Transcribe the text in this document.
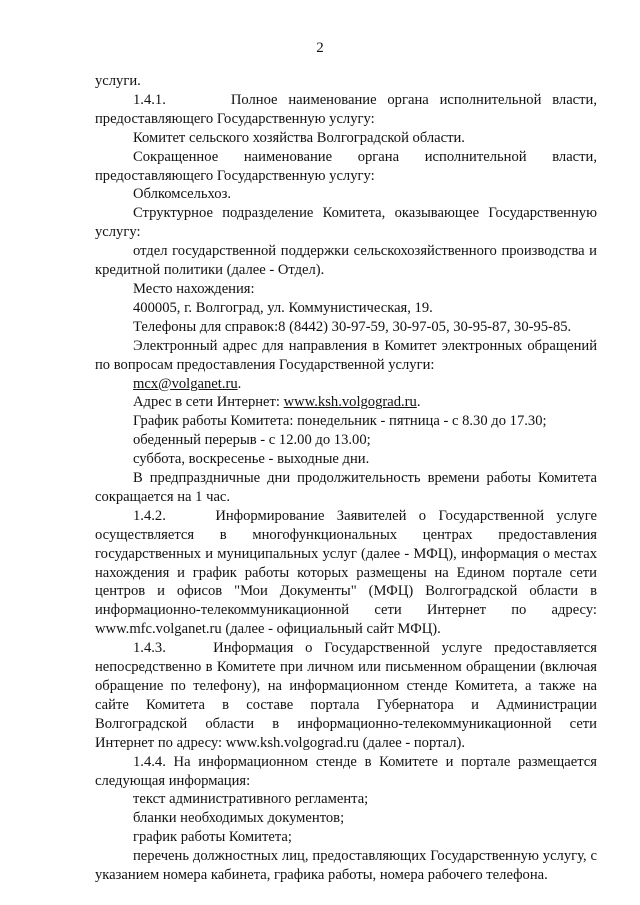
2

услуги.

1.4.1.      Полное наименование органа исполнительной власти, предоставляющего Государственную услугу:

Комитет сельского хозяйства Волгоградской области.

Сокращенное наименование органа исполнительной власти, предоставляющего Государственную услугу:

Облкомсельхоз.

Структурное подразделение Комитета, оказывающее Государственную услугу:

отдел государственной поддержки сельскохозяйственного производства и кредитной политики (далее - Отдел).

Место нахождения:

400005, г. Волгоград, ул. Коммунистическая, 19.

Телефоны для справок:8 (8442) 30-97-59, 30-97-05, 30-95-87, 30-95-85.

Электронный адрес для направления в Комитет электронных обращений по вопросам предоставления Государственной услуги:

mcx@volganet.ru.

Адрес в сети Интернет: www.ksh.volgograd.ru.

График работы Комитета: понедельник - пятница - с 8.30 до 17.30;

обеденный перерыв - с 12.00 до 13.00;

суббота, воскресенье - выходные дни.

В предпраздничные дни продолжительность времени работы Комитета сокращается на 1 час.

1.4.2.    Информирование Заявителей о Государственной услуге осуществляется в многофункциональных центрах предоставления государственных и муниципальных услуг (далее - МФЦ), информация о местах нахождения и график работы которых размещены на Едином портале сети центров и офисов "Мои Документы" (МФЦ) Волгоградской области в информационно-телекоммуникационной сети Интернет по адресу: www.mfc.volganet.ru (далее - официальный сайт МФЦ).

1.4.3.    Информация о Государственной услуге предоставляется непосредственно в Комитете при личном или письменном обращении (включая обращение по телефону), на информационном стенде Комитета, а также на сайте Комитета в составе портала Губернатора и Администрации Волгоградской области в информационно-телекоммуникационной сети Интернет по адресу: www.ksh.volgograd.ru (далее - портал).

1.4.4. На информационном стенде в Комитете и портале размещается следующая информация:

текст административного регламента;

бланки необходимых документов;

график работы Комитета;

перечень должностных лиц, предоставляющих Государственную услугу, с указанием номера кабинета, графика работы, номера рабочего телефона.
